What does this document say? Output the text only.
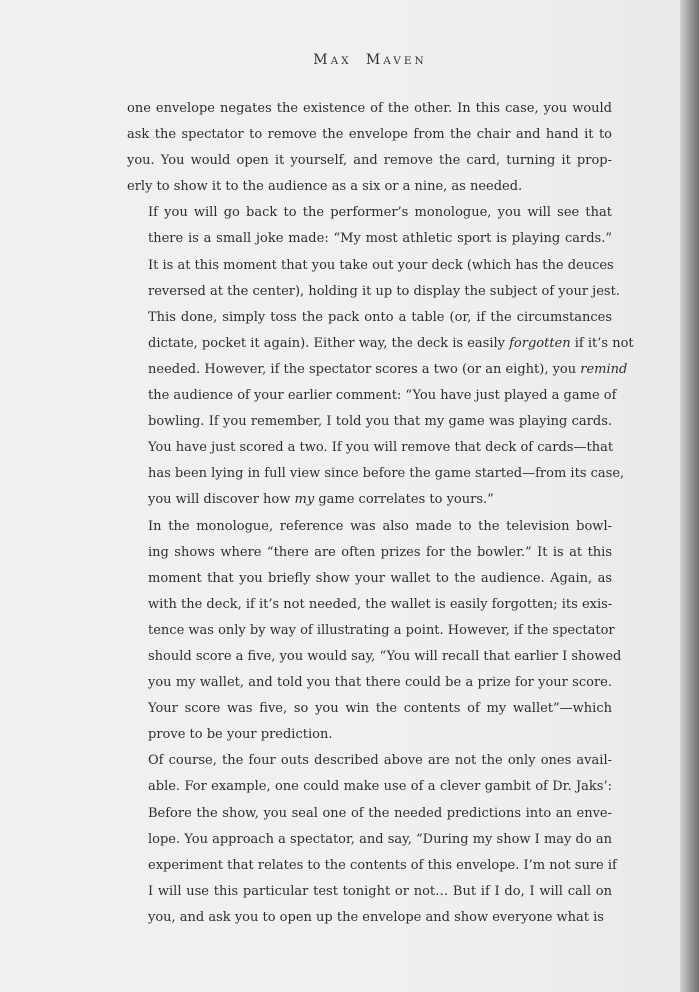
MAX MAVEN

one envelope negates the existence of the other. In this case, you would
ask the spectator to remove the envelope from the chair and hand it to
you. You would open it yourself, and remove the card, turning it prop-
erly to show it to the audience as a six or a nine, as needed.

If you will go back to the performer’s monologue, you will see that
there is a small joke made: “My most athletic sport is playing cards.”
It is at this moment that you take out your deck (which has the deuces
reversed at the center), holding it up to display the subject of your jest.
This done, simply toss the pack onto a table (or, if the circumstances
dictate, pocket it again). Either way, the deck is easily forgotten if it’s not
needed. However, if the spectator scores a two (or an eight), you remind
the audience of your earlier comment: “You have just played a game of
bowling. If you remember, I told you that my game was playing cards.
You have just scored a two. If you will remove that deck of cards—that
has been lying in full view since before the game started—from its case,
you will discover how my game correlates to yours.”

In the monologue, reference was also made to the television bowl-
ing shows where “there are often prizes for the bowler.” It is at this
moment that you briefly show your wallet to the audience. Again, as
with the deck, if it’s not needed, the wallet is easily forgotten; its exis-
tence was only by way of illustrating a point. However, if the spectator
should score a five, you would say, “You will recall that earlier I showed
you my wallet, and told you that there could be a prize for your score.
Your score was five, so you win the contents of my wallet”—which
prove to be your prediction.

Of course, the four outs described above are not the only ones avail-
able. For example, one could make use of a clever gambit of Dr. Jaks’:
Before the show, you seal one of the needed predictions into an enve-
lope. You approach a spectator, and say, “During my show I may do an
experiment that relates to the contents of this envelope. I’m not sure if
I will use this particular test tonight or not… But if I do, I will call on
you, and ask you to open up the envelope and show everyone what is
